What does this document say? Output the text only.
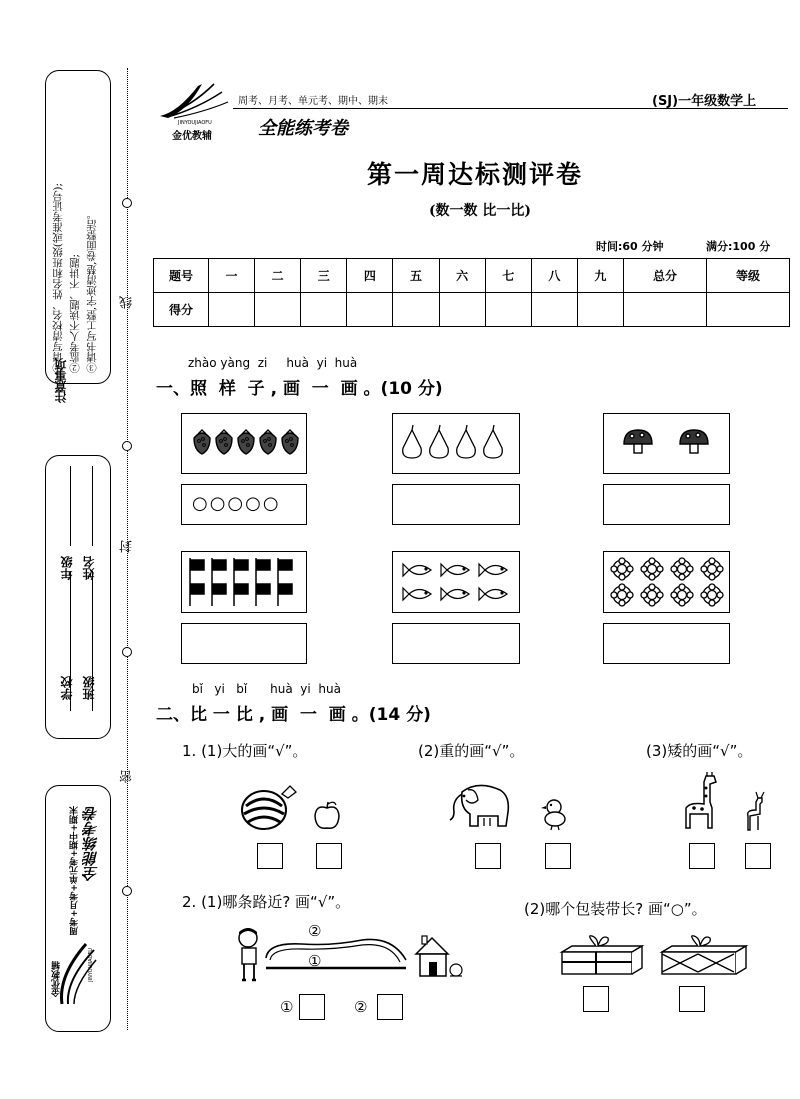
线
封
密
注意事项
①请写清校名、姓名和班级(或准考证号); ②监考人不读题、不讲题; ③请书写工整,字迹清楚,卷面整洁。
学校 班级
年级 姓名
周考+月考+单元考+期中+期末 全能练考卷
金优教辅	JINYOUJIAOFU
JINYOUJIAOFU
金优教辅
周考、月考、单元考、期中、期末
全能练考卷
(SJ)一年级数学上
第一周达标测评卷
(数一数 比一比)
时间:60 分钟	满分:100 分
题号	一	二	三	四	五	六	七	八	九	总分	等级
得分											
zhào yàng  zi     huà  yi  huà
一、照  样  子 , 画  一  画 。(10 分)
○○○○○
bǐ   yi   bǐ      huà  yi  huà
二、比 一 比 , 画  一  画 。(14 分)
1. (1)大的画“√”。	(2)重的画“√”。	(3)矮的画“√”。
2. (1)哪条路近? 画“√”。	(2)哪个包装带长? 画“○”。
②
①
①	②
